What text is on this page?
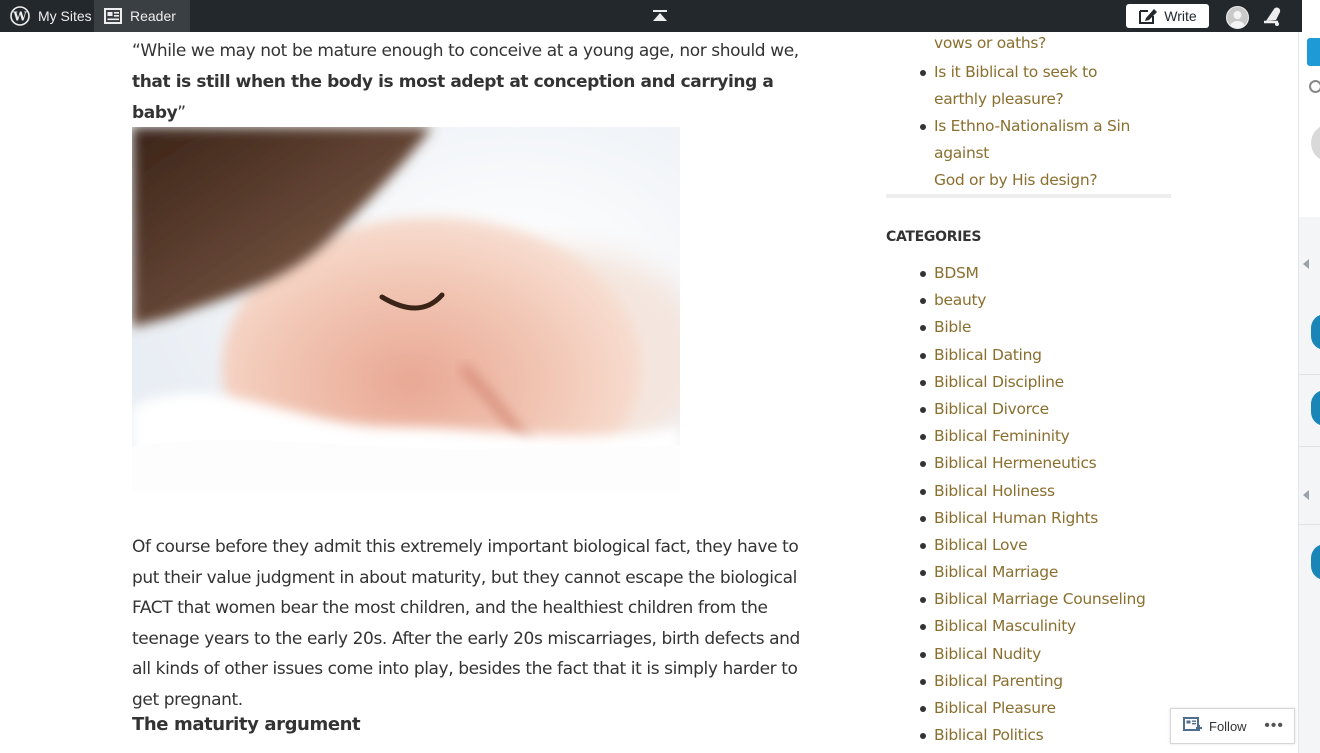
W My Sites	Reader	Write

“While we may not be mature enough to conceive at a young age, nor should we, that is still when the body is most adept at conception and carrying a baby”

Of course before they admit this extremely important biological fact, they have to put their value judgment in about maturity, but they cannot escape the biological FACT that women bear the most children, and the healthiest children from the teenage years to the early 20s. After the early 20s miscarriages, birth defects and all kinds of other issues come into play, besides the fact that it is simply harder to get pregnant.

The maturity argument
vows or oaths?
Is it Biblical to seek to
earthly pleasure?
Is Ethno-Nationalism a Sin against
God or by His design?
CATEGORIES
BDSM
beauty
Bible
Biblical Dating
Biblical Discipline
Biblical Divorce
Biblical Femininity
Biblical Hermeneutics
Biblical Holiness
Biblical Human Rights
Biblical Love
Biblical Marriage
Biblical Marriage Counseling
Biblical Masculinity
Biblical Nudity
Biblical Parenting
Biblical Pleasure
Biblical Politics
Follow •••
